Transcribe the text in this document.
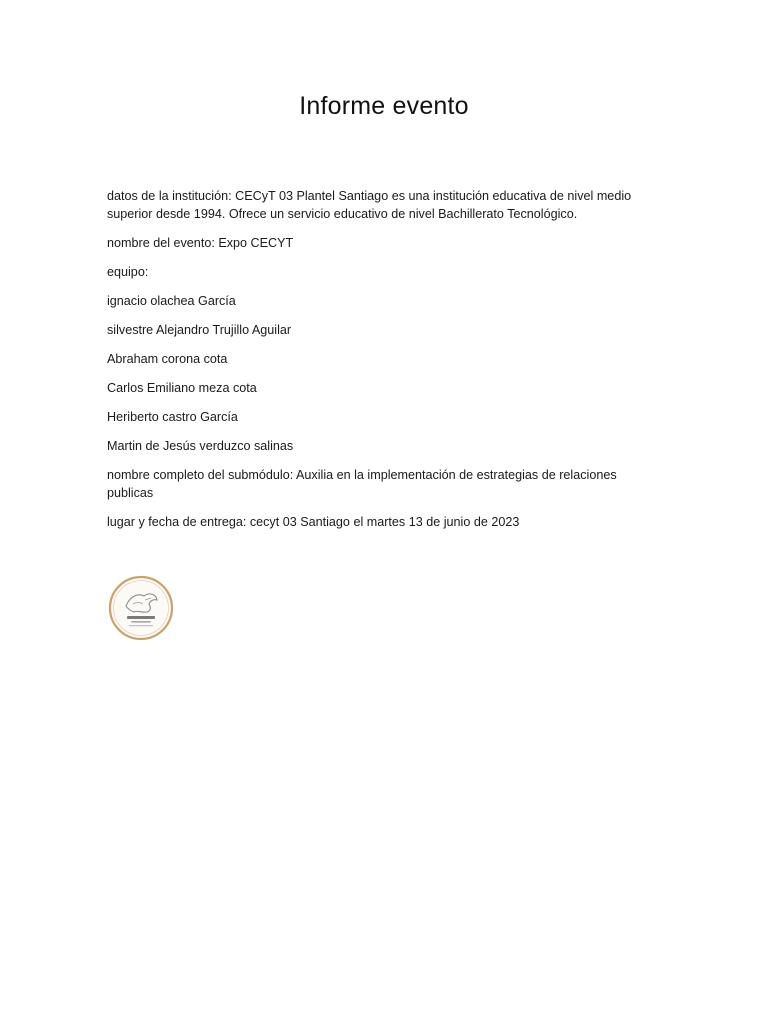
Informe evento

datos de la institución: CECyT 03 Plantel Santiago es una institución educativa de nivel medio superior desde 1994. Ofrece un servicio educativo de nivel Bachillerato Tecnológico.

nombre del evento: Expo CECYT

equipo:

ignacio olachea García

silvestre Alejandro Trujillo Aguilar

Abraham corona cota

Carlos Emiliano meza cota

Heriberto castro García

Martin de Jesús verduzco salinas

nombre completo del submódulo: Auxilia en la implementación de estrategias de relaciones publicas

lugar y fecha de entrega: cecyt 03 Santiago el martes 13 de junio de 2023
